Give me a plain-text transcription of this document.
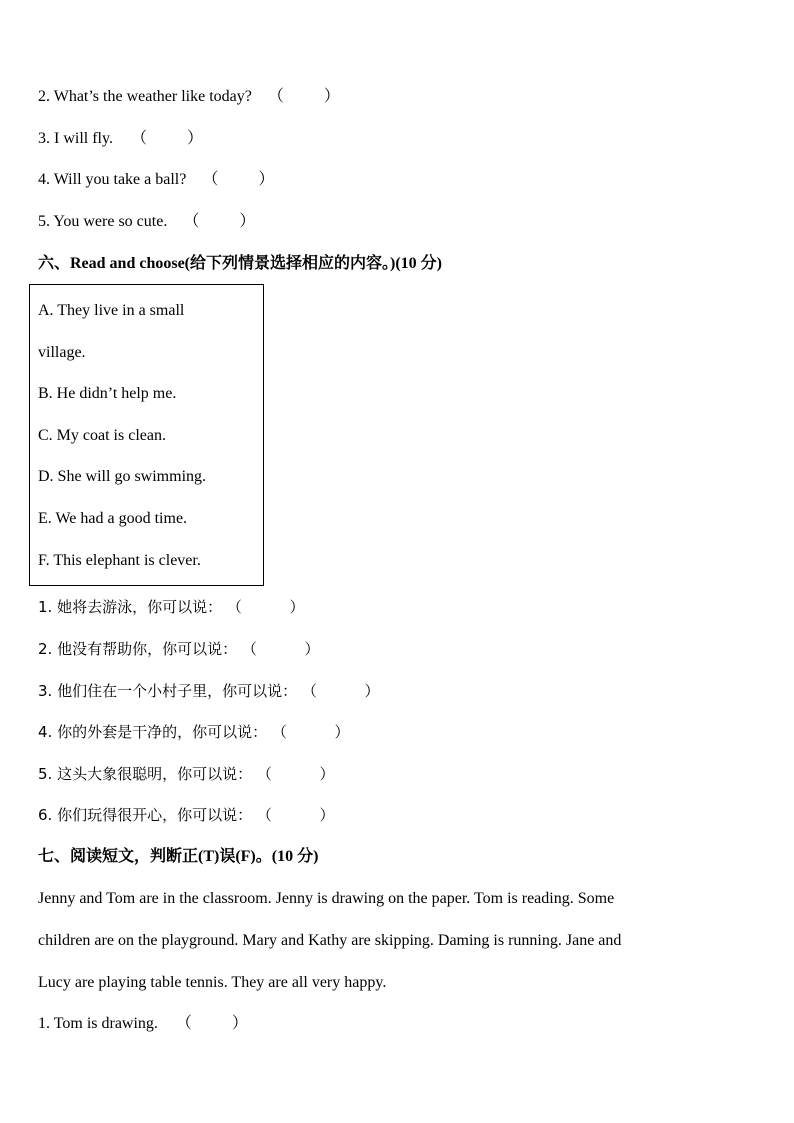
2. What’s the weather like today? （          ）
3. I will fly. （          ）
4. Will you take a ball? （          ）
5. You were so cute. （          ）
六、Read and choose(给下列情景选择相应的内容。)(10 分)
A. They live in a small
village.
B. He didn’t help me.
C. My coat is clean.
D. She will go swimming.
E. We had a good time.
F. This elephant is clever.
1. 她将去游泳，你可以说： （          ）
2. 他没有帮助你，你可以说： （          ）
3. 他们住在一个小村子里，你可以说： （          ）
4. 你的外套是干净的，你可以说： （          ）
5. 这头大象很聪明，你可以说： （          ）
6. 你们玩得很开心，你可以说： （          ）
七、阅读短文，判断正(T)误(F)。(10 分)
Jenny and Tom are in the classroom. Jenny is drawing on the paper. Tom is reading. Some
children are on the playground. Mary and Kathy are skipping. Daming is running. Jane and
Lucy are playing table tennis. They are all very happy.
1. Tom is drawing. （          ）
